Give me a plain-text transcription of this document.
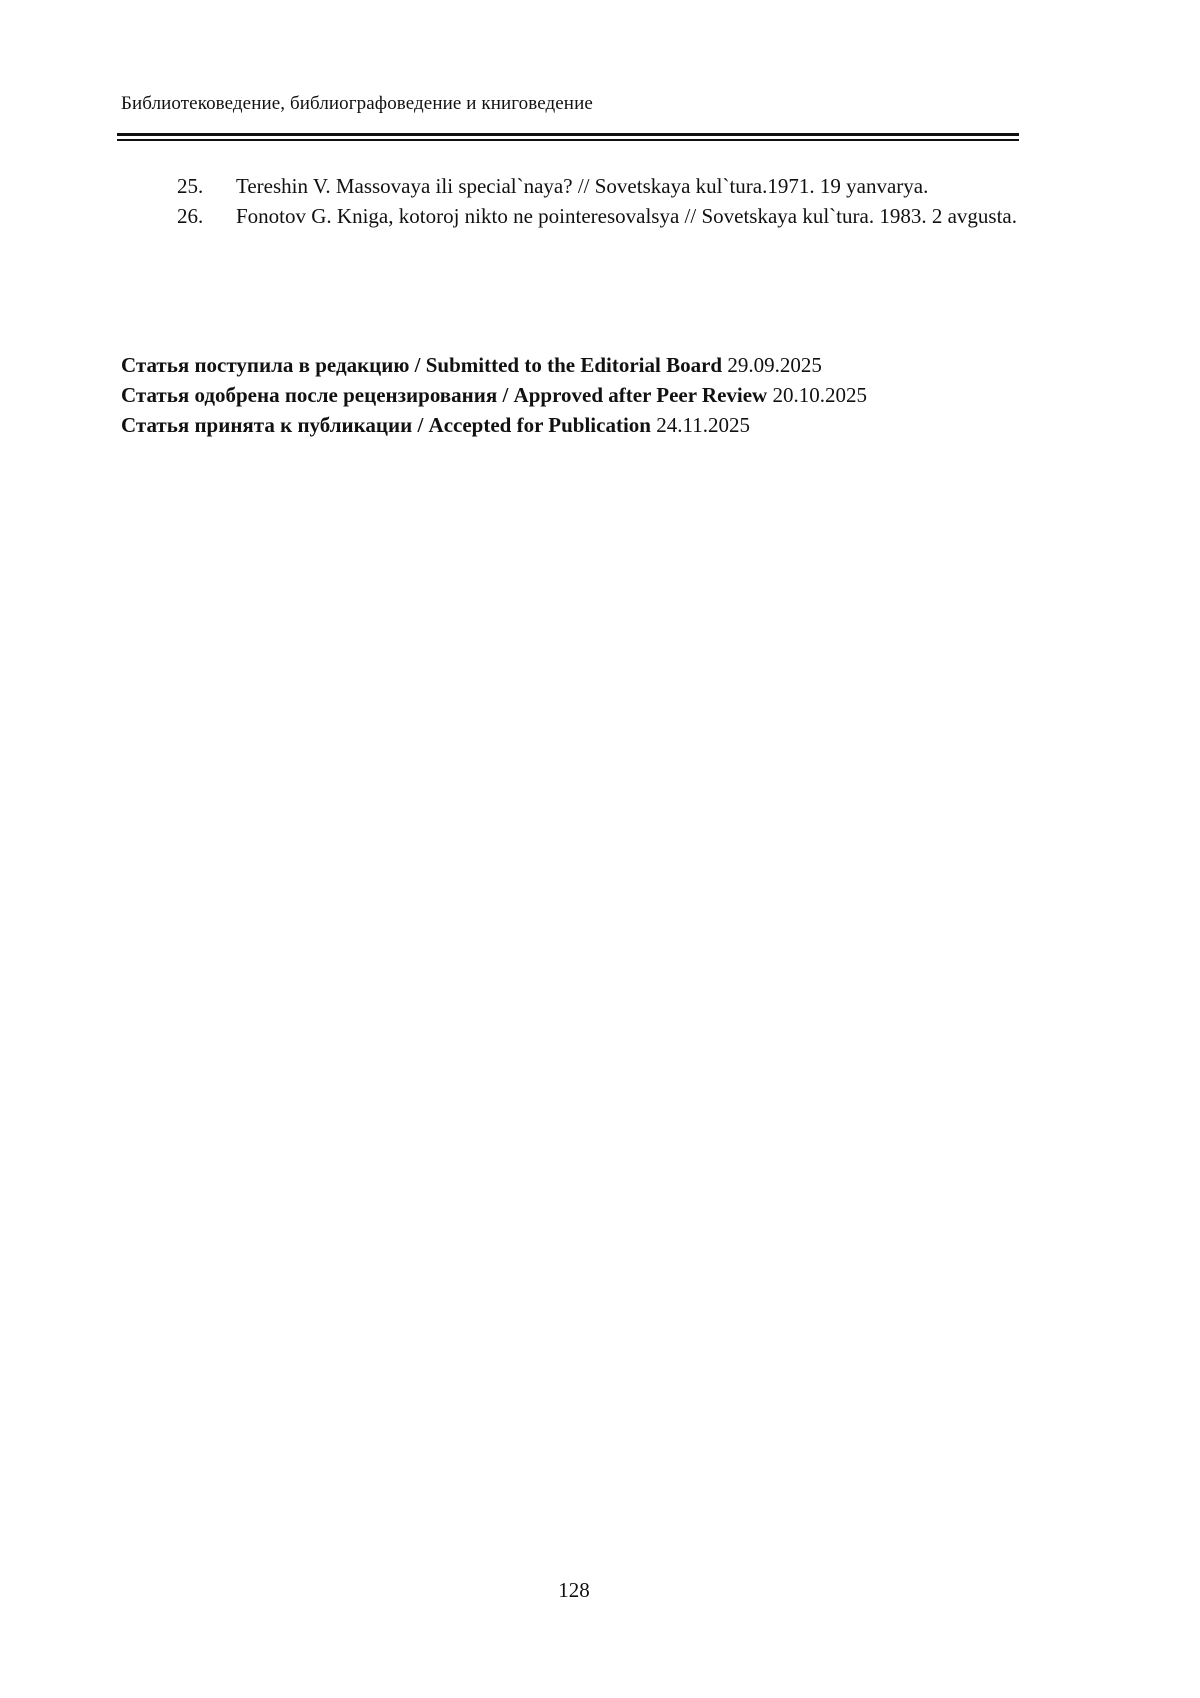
Библиотековедение, библиографоведение и книговедение

25. Tereshin V. Massovaya ili special`naya? // Sovetskaya kul`tura.1971. 19 yanvarya.

26. Fonotov G. Kniga, kotoroj nikto ne pointeresovalsya // Sovetskaya kul`tura. 1983. 2 avgusta.

Статья поступила в редакцию / Submitted to the Editorial Board 29.09.2025

Статья одобрена после рецензирования / Approved after Peer Review 20.10.2025

Статья принята к публикации / Accepted for Publication 24.11.2025

128
